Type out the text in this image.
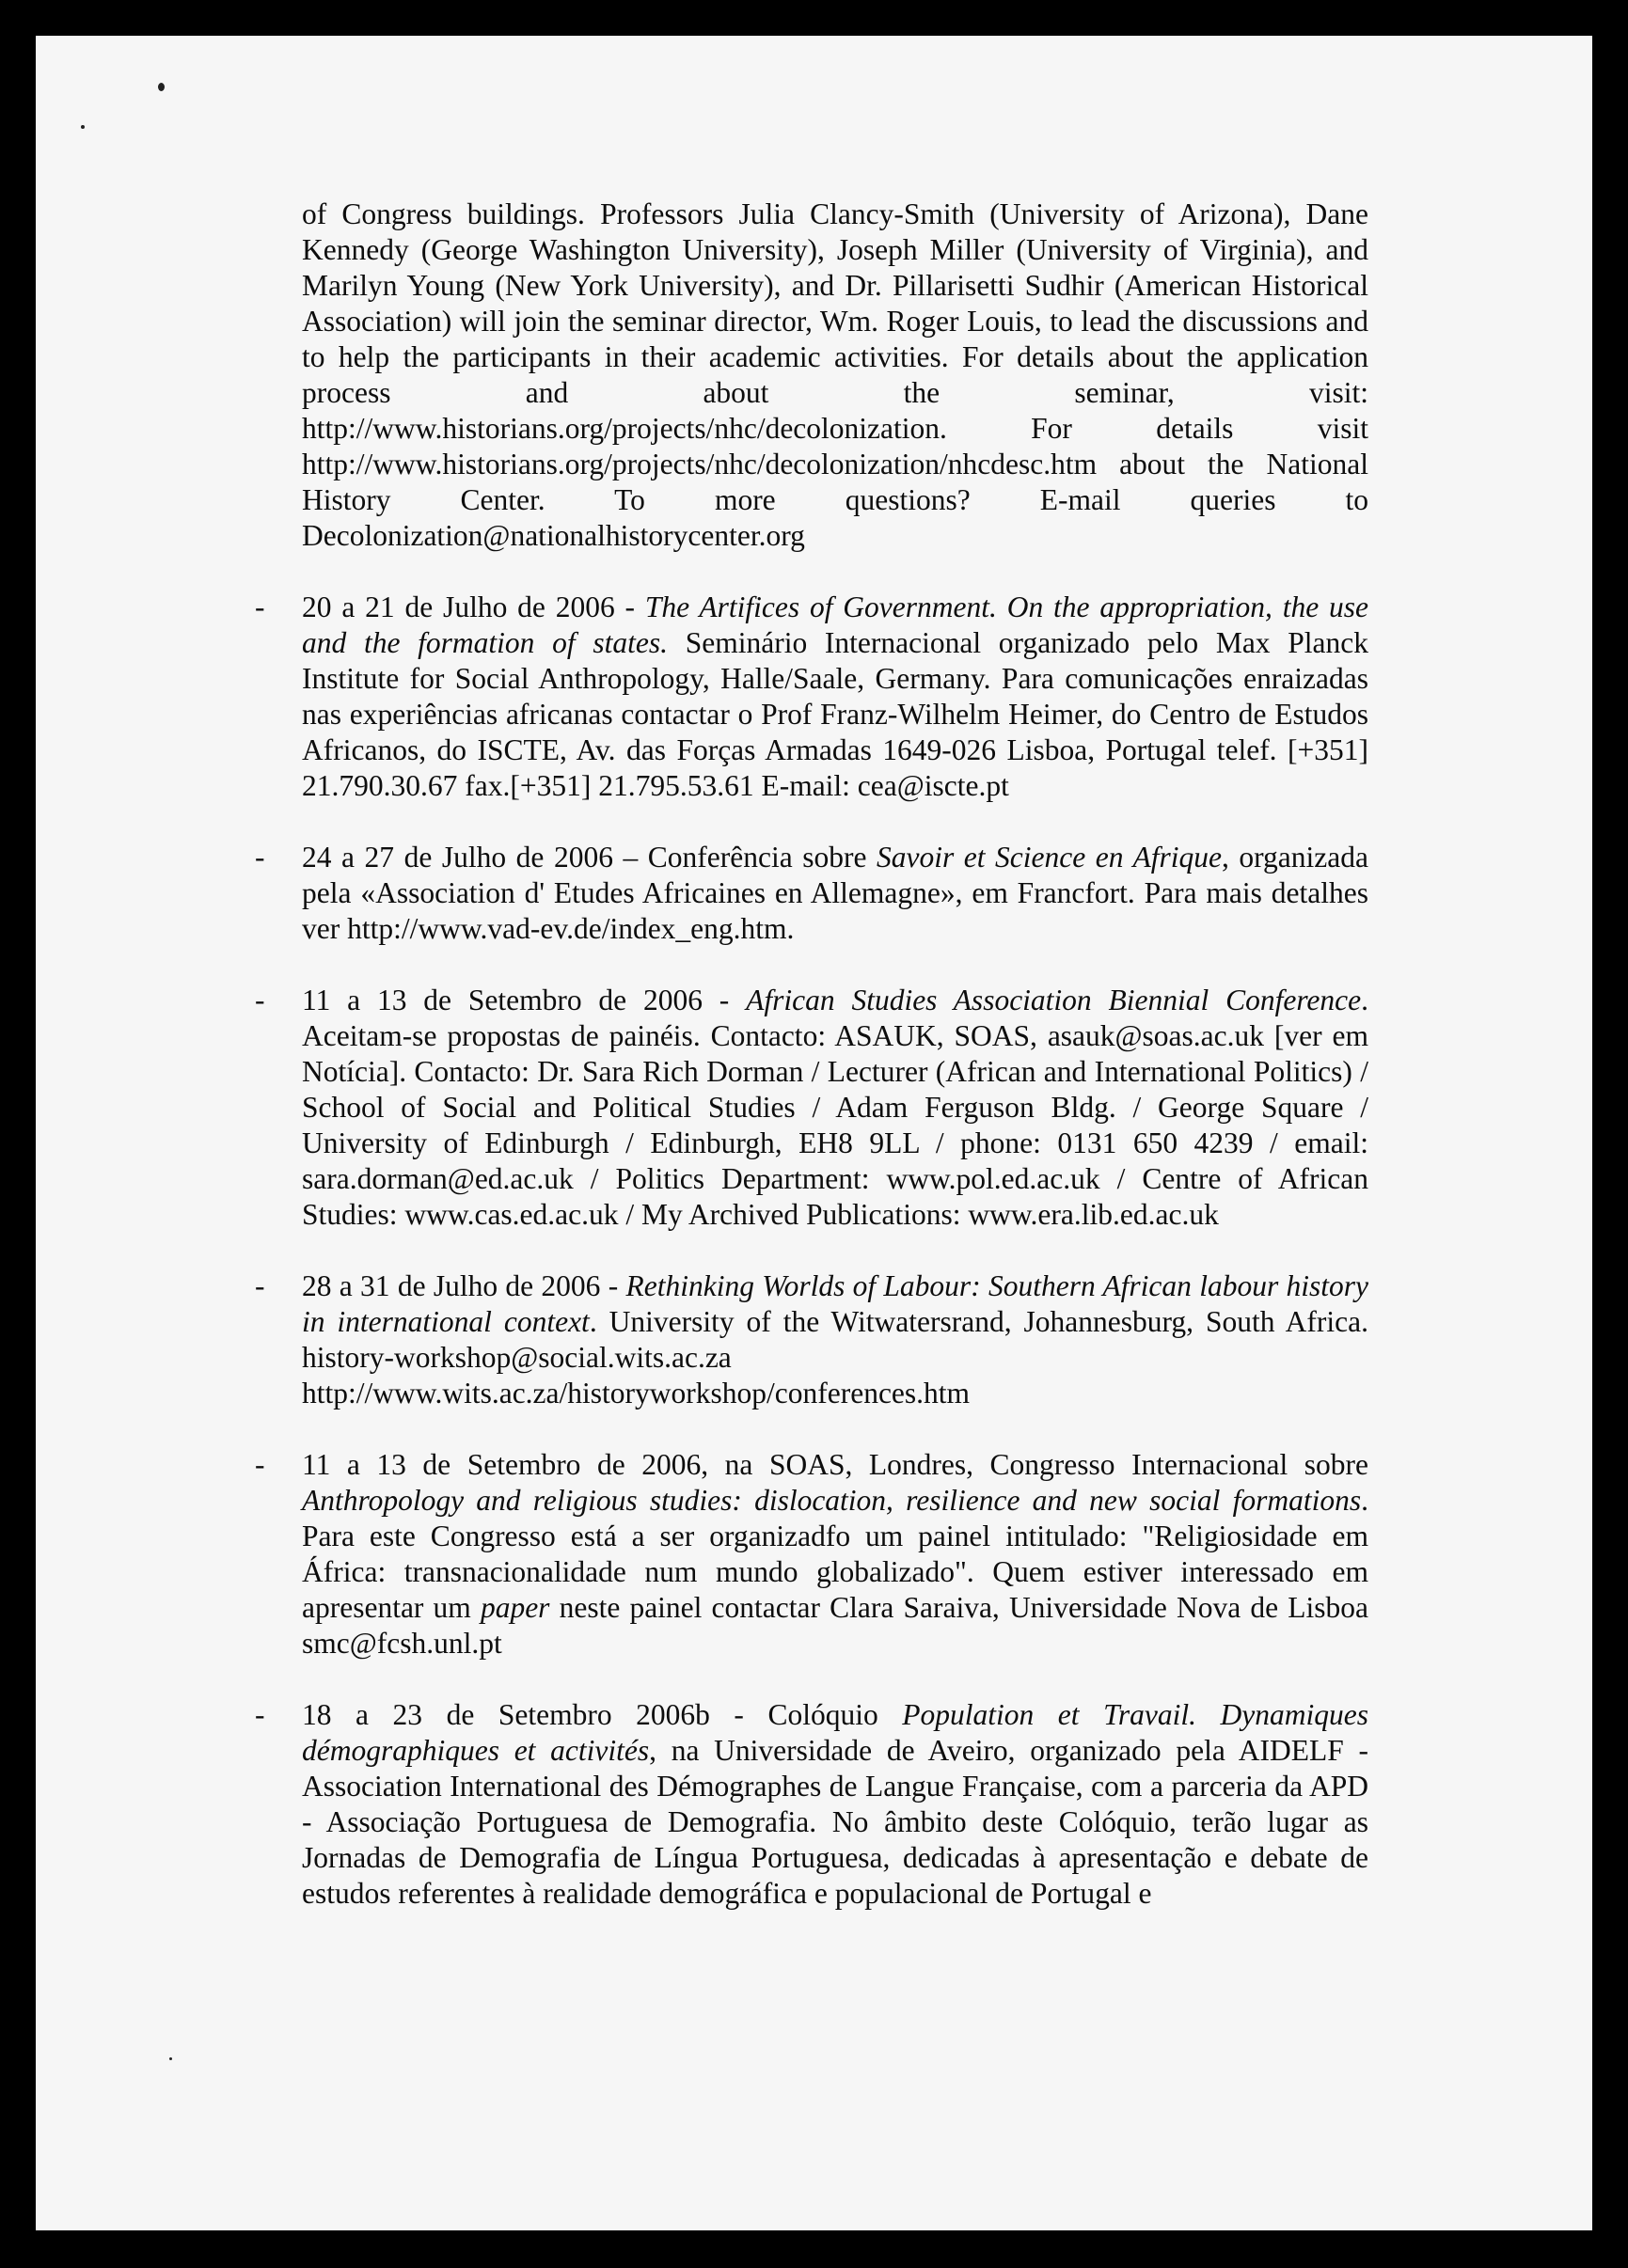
of Congress buildings. Professors Julia Clancy-Smith (University of Arizona), Dane Kennedy (George Washington University), Joseph Miller (University of Virginia), and Marilyn Young (New York University), and Dr. Pillarisetti Sudhir (American Historical Association) will join the seminar director, Wm. Roger Louis, to lead the discussions and to help the participants in their academic activities. For details about the application process and about the seminar, visit: http://www.historians.org/projects/nhc/decolonization. For details visit http://www.historians.org/projects/nhc/decolonization/nhcdesc.htm about the National History Center. To more questions? E-mail queries to Decolonization@nationalhistorycenter.org

- 20 a 21 de Julho de 2006 - The Artifices of Government. On the appropriation, the use and the formation of states. Seminário Internacional organizado pelo Max Planck Institute for Social Anthropology, Halle/Saale, Germany. Para comunicações enraizadas nas experiências africanas contactar o Prof Franz-Wilhelm Heimer, do Centro de Estudos Africanos, do ISCTE, Av. das Forças Armadas 1649-026 Lisboa, Portugal telef. [+351] 21.790.30.67 fax.[+351] 21.795.53.61 E-mail: cea@iscte.pt

- 24 a 27 de Julho de 2006 – Conferência sobre Savoir et Science en Afrique, organizada pela «Association d' Etudes Africaines en Allemagne», em Francfort. Para mais detalhes ver http://www.vad-ev.de/index_eng.htm.

- 11 a 13 de Setembro de 2006 - African Studies Association Biennial Conference. Aceitam-se propostas de painéis. Contacto: ASAUK, SOAS, asauk@soas.ac.uk [ver em Notícia]. Contacto: Dr. Sara Rich Dorman / Lecturer (African and International Politics) / School of Social and Political Studies / Adam Ferguson Bldg. / George Square / University of Edinburgh / Edinburgh, EH8 9LL / phone: 0131 650 4239 / email: sara.dorman@ed.ac.uk / Politics Department: www.pol.ed.ac.uk / Centre of African Studies: www.cas.ed.ac.uk / My Archived Publications: www.era.lib.ed.ac.uk

- 28 a 31 de Julho de 2006 - Rethinking Worlds of Labour: Southern African labour history in international context. University of the Witwatersrand, Johannesburg, South Africa. history-workshop@social.wits.ac.za http://www.wits.ac.za/historyworkshop/conferences.htm

- 11 a 13 de Setembro de 2006, na SOAS, Londres, Congresso Internacional sobre Anthropology and religious studies: dislocation, resilience and new social formations. Para este Congresso está a ser organizadfo um painel intitulado: "Religiosidade em África: transnacionalidade num mundo globalizado". Quem estiver interessado em apresentar um paper neste painel contactar Clara Saraiva, Universidade Nova de Lisboa smc@fcsh.unl.pt

- 18 a 23 de Setembro 2006b - Colóquio Population et Travail. Dynamiques démographiques et activités, na Universidade de Aveiro, organizado pela AIDELF - Association International des Démographes de Langue Française, com a parceria da APD - Associação Portuguesa de Demografia. No âmbito deste Colóquio, terão lugar as Jornadas de Demografia de Língua Portuguesa, dedicadas à apresentação e debate de estudos referentes à realidade demográfica e populacional de Portugal e
